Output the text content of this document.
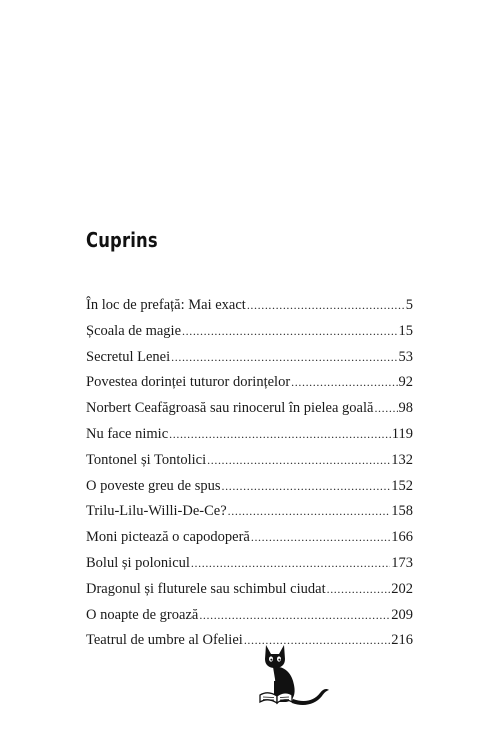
Cuprins
În loc de prefață: Mai exact .....	5
Școala de magie .....	15
Secretul Lenei .....	53
Povestea dorinței tuturor dorințelor .....	92
Norbert Ceafăgroasă sau rinocerul în pielea goală ..... 98
Nu face nimic .....	119
Tontonel și Tontolici .....	132
O poveste greu de spus .....	152
Trilu-Lilu-Willi-De-Ce? .....	158
Moni pictează o capodoperă .....	166
Bolul și polonicul .....	173
Dragonul și fluturele sau schimbul ciudat .....	202
O noapte de groază .....	209
Teatrul de umbre al Ofeliei .....	216
